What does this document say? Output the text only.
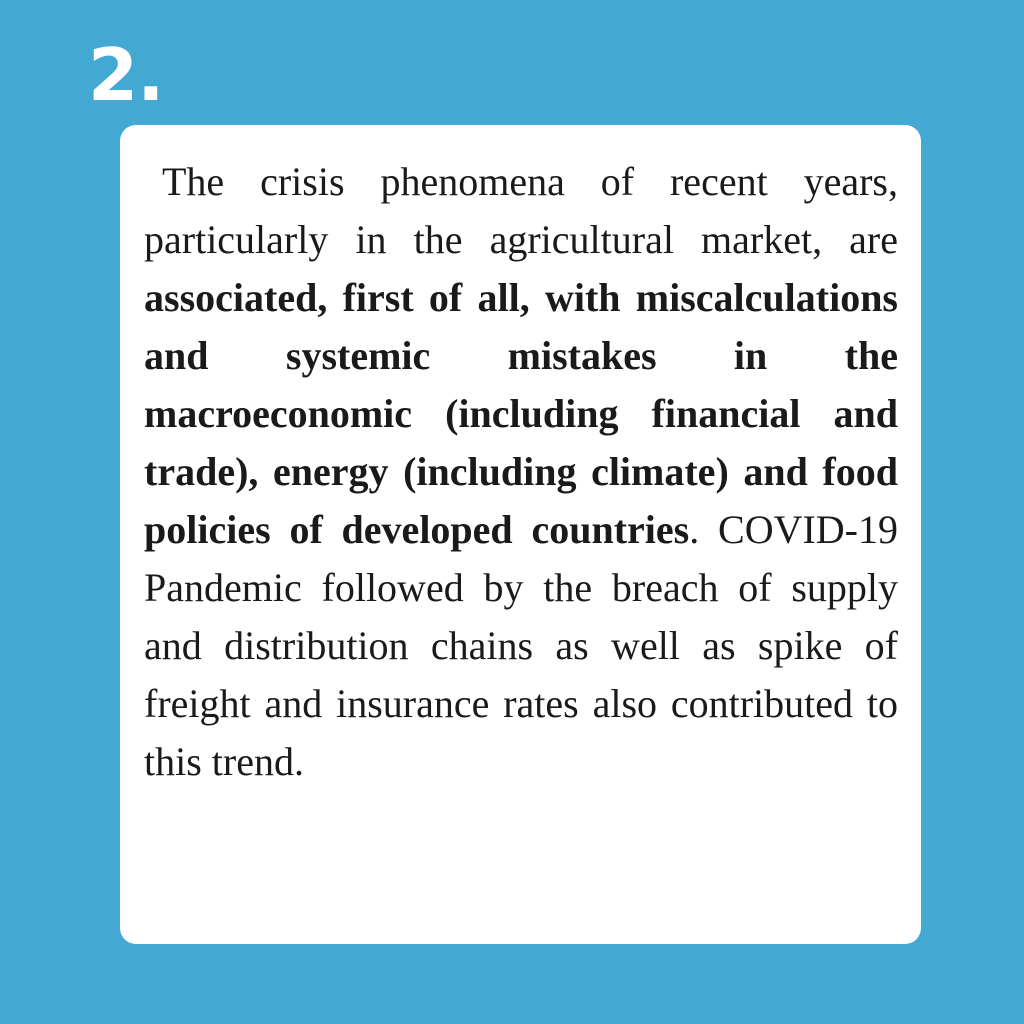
2.

The crisis phenomena of recent years, particularly in the agricultural market, are associated, first of all, with miscalculations and systemic mistakes in the macroeconomic (including financial and trade), energy (including climate) and food policies of developed countries. COVID-19 Pandemic followed by the breach of supply and distribution chains as well as spike of freight and insurance rates also contributed to this trend.
